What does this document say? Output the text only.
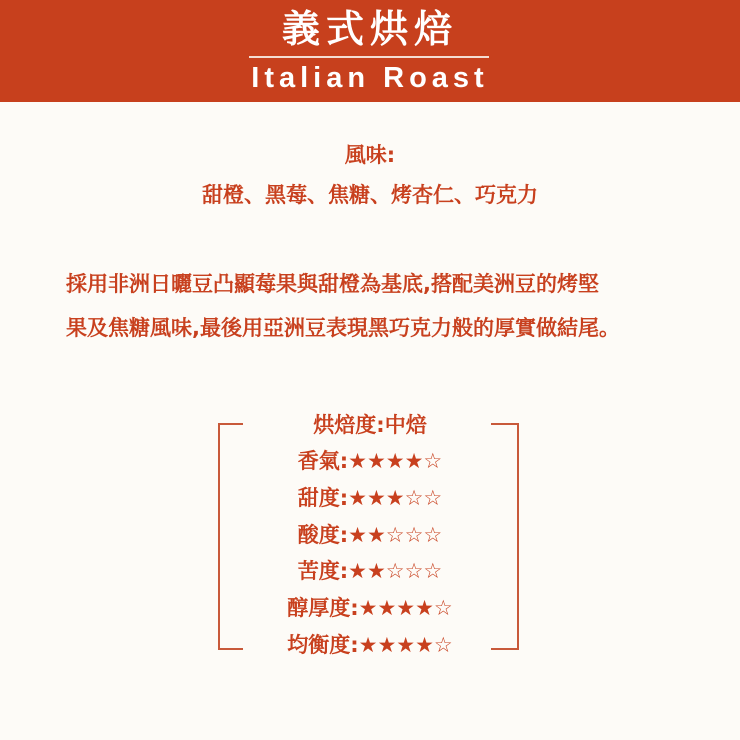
義式烘焙
Italian Roast
風味:
甜橙、黑莓、焦糖、烤杏仁、巧克力
採用非洲日曬豆凸顯莓果與甜橙為基底,搭配美洲豆的烤堅
果及焦糖風味,最後用亞洲豆表現黑巧克力般的厚實做結尾。
烘焙度:中焙
香氣:★★★★☆
甜度:★★★☆☆
酸度:★★☆☆☆
苦度:★★☆☆☆
醇厚度:★★★★☆
均衡度:★★★★☆
